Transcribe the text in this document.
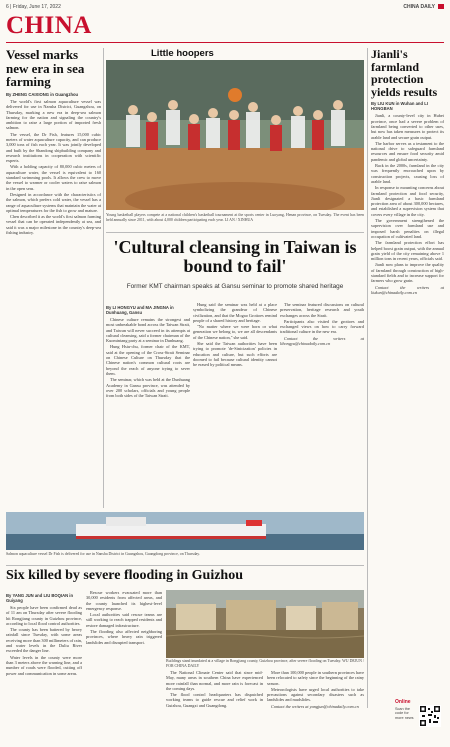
6 | Friday, June 17, 2022	CHINA DAILY
CHINA
Vessel marks new era in sea farming
By ZHENG CAIXIONG in Guangzhou

The world's first salmon aquaculture vessel was delivered for use in Nansha District, Guangzhou, on Thursday, marking a new era in deep-sea salmon farming for the nation and signaling the country's ambition to raise a large portion of imported fresh salmon.

The vessel, the Dr Fish, features 15,000 cubic meters of water aquaculture capacity, and can produce 3,000 tons of fish each year. It was jointly developed and built by the Shandong shipbuilding company and research institutions in cooperation with scientific experts.

With a holding capacity of 80,000 cubic meters of aquaculture water, the vessel is equivalent to 160 standard swimming pools. It allows the crew to move the vessel to warmer or cooler waters to raise salmon in the open seas.

Designed in accordance with the characteristics of the salmon, which prefers cold water, the vessel has a range of aquaculture systems that maintain the water at optimal temperatures for the fish to grow and mature.

Chen described it as the world's first salmon farming vessel that can be operated independently at sea, and said it was a major milestone in the country's deep-sea fishing industry.

Little hoopers
Young basketball players compete at a national children's basketball tournament at the sports center in Luoyang, Henan province, on Tuesday. The event has been held annually since 2011, with about 4,000 children participating each year. LI AN / XINHUA
'Cultural cleansing in Taiwan is bound to fail'
Former KMT chairman speaks at Gansu seminar to promote shared heritage
By LI HONGYU and MA JINGNA in Dunhuang, Gansu

Chinese culture remains the strongest and most unbreakable bond across the Taiwan Strait, and Taiwan will never succeed in its attempts at cultural cleansing, said a former chairman of the Kuomintang party at a seminar in Dunhuang.

Hung Hsiu-chu, former chair of the KMT, said at the opening of the Cross-Strait Seminar on Chinese Culture on Thursday that the Chinese nation's common cultural roots are beyond the reach of anyone trying to sever them.

The seminar, which was held at the Dunhuang Academy in Gansu province, was attended by over 200 scholars, officials and young people from both sides of the Taiwan Strait.

Hung said the seminar was held at a place symbolizing the grandeur of Chinese civilization, and that the Mogao Grottoes remind people of a shared history and heritage.

"No matter where we were born or what generation we belong to, we are all descendants of the Chinese nation," she said.

She said the Taiwan authorities have been trying to promote 'de-Sinicization' policies in education and culture, but such efforts are doomed to fail because cultural identity cannot be erased by political means.

The seminar featured discussions on cultural preservation, heritage research and youth exchanges across the Strait.

Participants also visited the grottoes and exchanged views on how to carry forward traditional culture in the new era.

Contact the writers at lihongyu@chinadaily.com.cn

Jianli's farmland protection yields results
By LIU KUN in Wuhan and LI HONGBAN

Jianli, a county-level city in Hubei province, once had a severe problem of farmland being converted to other uses, but now has taken measures to protect its arable land and secure grain output.

The harbor serves as a testament to the national drive to safeguard farmland resources and ensure food security amid pandemic and global uncertainty.

Back in the 2000s, farmland in the city was frequently encroached upon by construction projects, causing loss of arable land.

In response to mounting concerns about farmland protection and food security, Jianli designated a basic farmland protection area of about 300,000 hectares, and established a supervision system that covers every village in the city.

The government strengthened the supervision over farmland use and imposed harsh penalties on illegal occupation of cultivated land.

The farmland protection effort has helped boost grain output, with the annual grain yield of the city remaining above 1 million tons in recent years, officials said.

Jianli now plans to improve the quality of farmland through construction of high-standard fields and to increase support for farmers who grow grain.

Contact the writers at liukun@chinadaily.com.cn

Salmon aquaculture vessel Dr Fish is delivered for use in Nansha District in Guangzhou, Guangdong province, on Thursday.
Six killed by severe flooding in Guizhou
By YANG JUN and LIU BOQIAN in Guiyang

Six people have been confirmed dead as of 11 am on Thursday after severe flooding hit Rongjiang county in Guizhou province, according to local flood control authorities.

The county has been battered by heavy rainfall since Tuesday, with some areas receiving more than 300 millimeters of rain, and water levels in the Duliu River exceeded the danger line.

Water levels in the county were more than 3 meters above the warning line, and a number of roads were flooded, cutting off power and communication in some areas.

Rescue workers evacuated more than 30,000 residents from affected areas, and the county launched its highest-level emergency response.

Local authorities said rescue teams are still working to reach trapped residents and restore damaged infrastructure.

The flooding also affected neighboring provinces, where heavy rain triggered landslides and disrupted transport.

Buildings stand inundated at a village in Rongjiang county, Guizhou province, after severe flooding on Tuesday. WU DEJUN / FOR CHINA DAILY

The National Climate Center said that since mid-May, many areas in southern China have experienced more rainfall than normal, and more rain is forecast in the coming days.

The flood control headquarters has dispatched working teams to guide rescue and relief work in Guizhou, Guangxi and Guangdong.

More than 100,000 people in southern provinces have been relocated to safety since the beginning of the rainy season.

Meteorologists have urged local authorities to take precautions against secondary disasters such as landslides and mudslides.

Contact the writers at yangjun@chinadaily.com.cn

Online
Scan the code for more news
